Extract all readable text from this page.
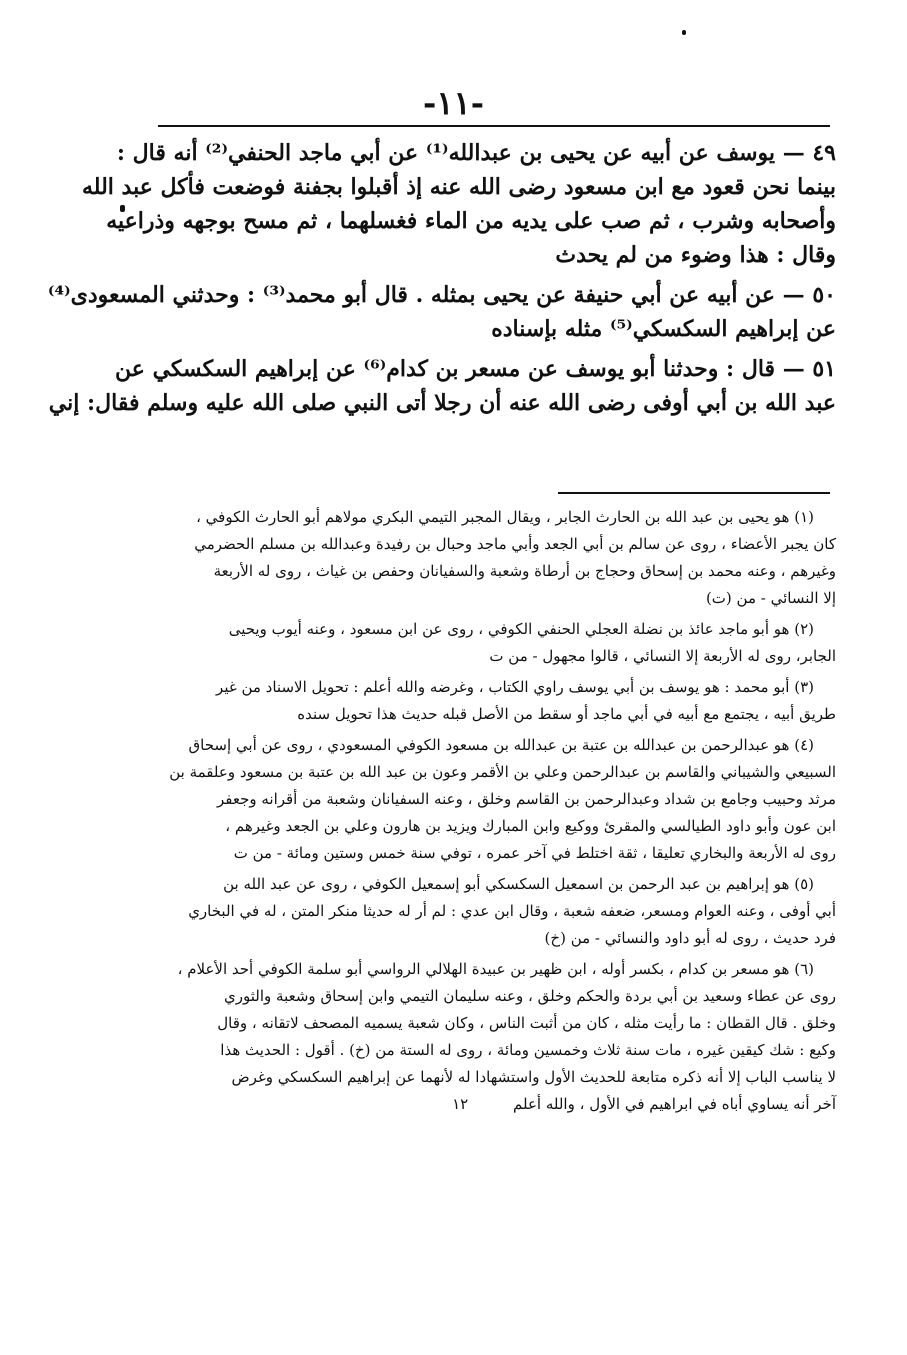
-١١-
٤٩ — يوسف عن أبيه عن يحيى بن عبدالله⁽¹⁾ عن أبي ماجد الحنفي⁽²⁾ أنه قال :
بينما نحن قعود مع ابن مسعود رضى الله عنه إذ أقبلوا بجفنة فوضعت فأكل عبد الله
وأصحابه وشرب ، ثم صب على يديه من الماء فغسلهما ، ثم مسح بوجهه وذراعيه
وقال : هذا وضوء من لم يحدث
٥٠ — عن أبيه عن أبي حنيفة عن يحيى بمثله . قال أبو محمد⁽³⁾ : وحدثني المسعودى⁽⁴⁾
عن إبراهيم السكسكي⁽⁵⁾ مثله بإسناده
٥١ — قال : وحدثنا أبو يوسف عن مسعر بن كدام⁽⁶⁾ عن إبراهيم السكسكي عن
عبد الله بن أبي أوفى رضى الله عنه أن رجلا أتى النبي صلى الله عليه وسلم فقال: إني
(١) هو يحيى بن عبد الله بن الحارث الجابر ، ويقال المجبر التيمي البكري مولاهم أبو الحارث الكوفي ،
كان يجبر الأعضاء ، روى عن سالم بن أبي الجعد وأبي ماجد وحبال بن رفيدة وعبدالله بن مسلم الحضرمي
وغيرهم ، وعنه محمد بن إسحاق وحجاج بن أرطاة وشعبة والسفيانان وحفص بن غياث ، روى له الأربعة
إلا النسائي - من (ت)
(٢) هو أبو ماجد عائذ بن نضلة العجلي الحنفي الكوفي ، روى عن ابن مسعود ، وعنه أيوب ويحيى
الجابر، روى له الأربعة إلا النسائي ، قالوا مجهول - من ت
(٣) أبو محمد : هو يوسف بن أبي يوسف راوي الكتاب ، وغرضه والله أعلم : تحويل الاسناد من غير
طريق أبيه ، يجتمع مع أبيه في أبي ماجد أو سقط من الأصل قبله حديث هذا تحويل سنده
(٤) هو عبدالرحمن بن عبدالله بن عتبة بن عبدالله بن مسعود الكوفي المسعودي ، روى عن أبي إسحاق
السبيعي والشيباني والقاسم بن عبدالرحمن وعلي بن الأقمر وعون بن عبد الله بن عتبة بن مسعود وعلقمة بن
مرثد وحبيب وجامع بن شداد وعبدالرحمن بن القاسم وخلق ، وعنه السفيانان وشعبة من أقرانه وجعفر
ابن عون وأبو داود الطيالسي والمقرئ ووكيع وابن المبارك ويزيد بن هارون وعلي بن الجعد وغيرهم ،
روى له الأربعة والبخاري تعليقا ، ثقة اختلط في آخر عمره ، توفي سنة خمس وستين ومائة - من ت
(٥) هو إبراهيم بن عبد الرحمن بن اسمعيل السكسكي أبو إسمعيل الكوفي ، روى عن عبد الله بن
أبي أوفى ، وعنه العوام ومسعر، ضعفه شعبة ، وقال ابن عدي : لم أر له حديثا منكر المتن ، له في البخاري
فرد حديث ، روى له أبو داود والنسائي - من (خ)
(٦) هو مسعر بن كدام ، بكسر أوله ، ابن ظهير بن عبيدة الهلالي الرواسي أبو سلمة الكوفي أحد الأعلام ،
روى عن عطاء وسعيد بن أبي بردة والحكم وخلق ، وعنه سليمان التيمي وابن إسحاق وشعبة والثوري
وخلق . قال القطان : ما رأيت مثله ، كان من أثبت الناس ، وكان شعبة يسميه المصحف لاتقانه ، وقال
وكيع : شك كيقين غيره ، مات سنة ثلاث وخمسين ومائة ، روى له الستة من (خ) . أقول : الحديث هذا
لا يناسب الباب إلا أنه ذكره متابعة للحديث الأول واستشهادا له لأنهما عن إبراهيم السكسكي وغرض
آخر أنه يساوي أباه في ابراهيم في الأول ، والله أعلم ١٢
